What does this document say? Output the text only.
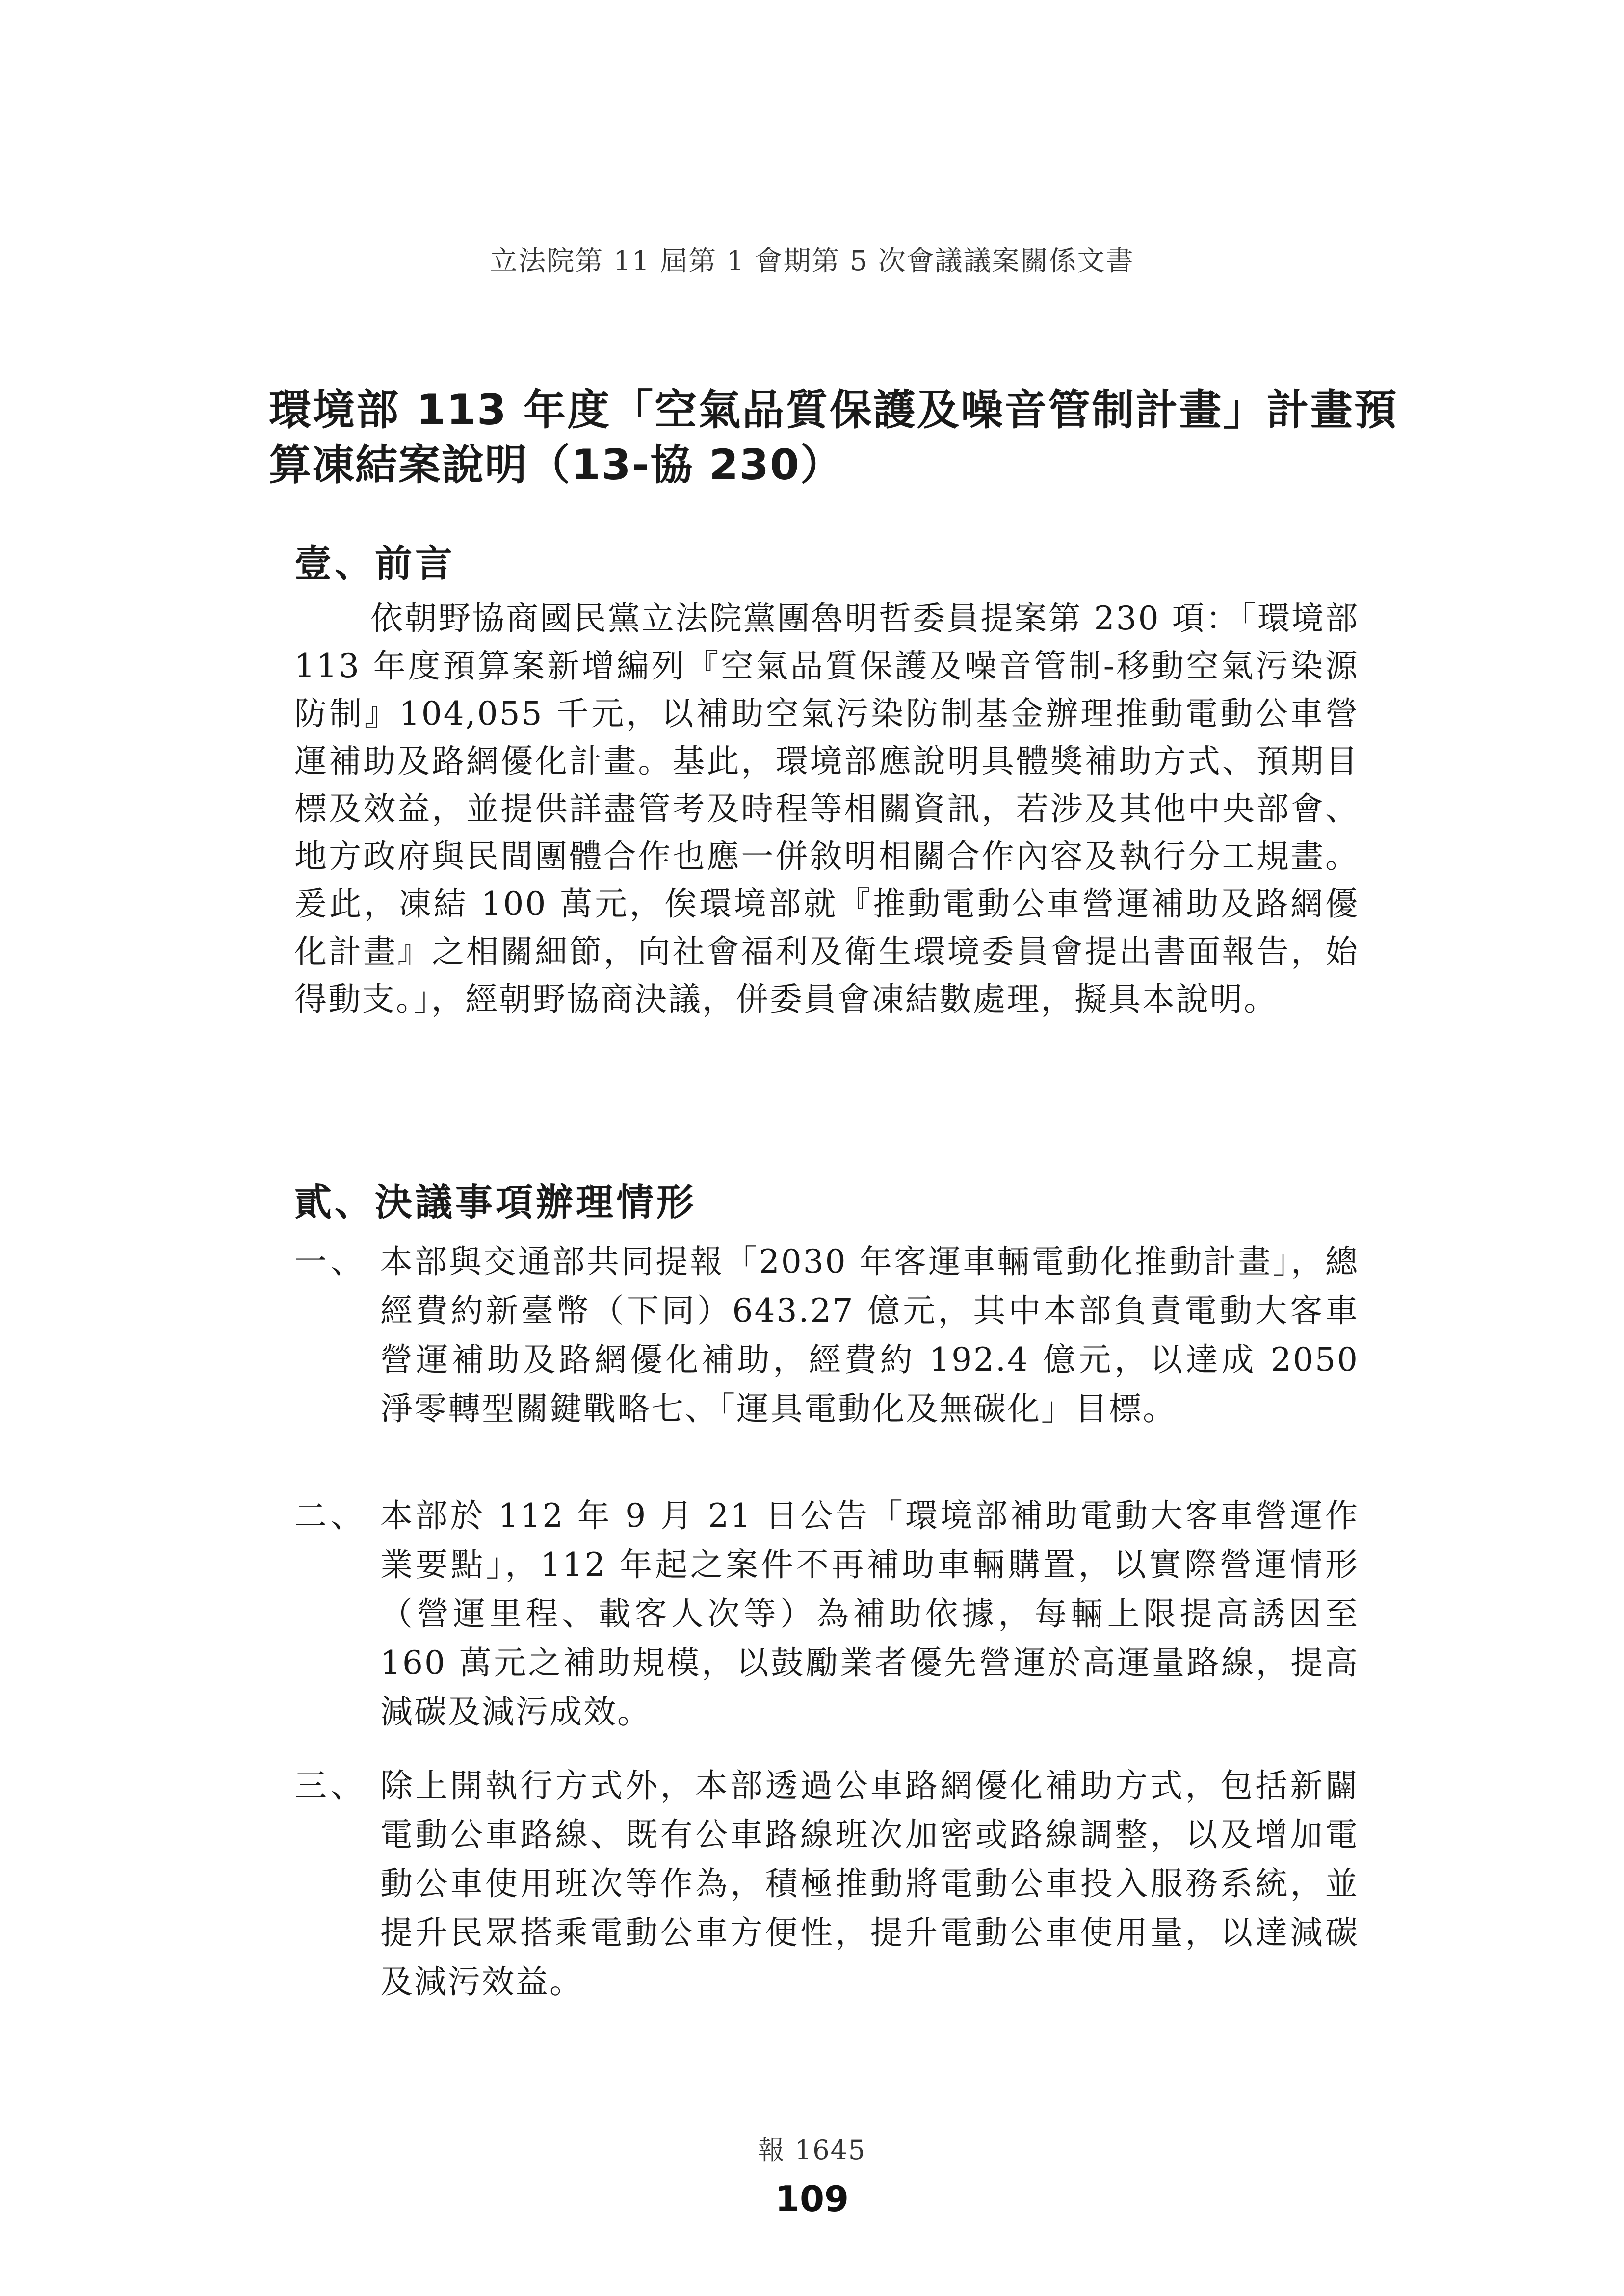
立法院第 11 屆第 1 會期第 5 次會議議案關係文書
環境部 113 年度「空氣品質保護及噪音管制計畫」計畫預算凍結案說明（13-協 230）
壹、前言

依朝野協商國民黨立法院黨團魯明哲委員提案第 230 項：「環境部 113 年度預算案新增編列『空氣品質保護及噪音管制-移動空氣污染源防制』104,055 千元，以補助空氣污染防制基金辦理推動電動公車營運補助及路網優化計畫。基此，環境部應說明具體獎補助方式、預期目標及效益，並提供詳盡管考及時程等相關資訊，若涉及其他中央部會、地方政府與民間團體合作也應一併敘明相關合作內容及執行分工規畫。爰此，凍結 100 萬元，俟環境部就『推動電動公車營運補助及路網優化計畫』之相關細節，向社會福利及衛生環境委員會提出書面報告，始得動支。」，經朝野協商決議，併委員會凍結數處理，擬具本說明。

貳、決議事項辦理情形
一、 本部與交通部共同提報「2030 年客運車輛電動化推動計畫」，總經費約新臺幣（下同）643.27 億元，其中本部負責電動大客車營運補助及路網優化補助，經費約 192.4 億元，以達成 2050 淨零轉型關鍵戰略七、「運具電動化及無碳化」目標。
二、 本部於 112 年 9 月 21 日公告「環境部補助電動大客車營運作業要點」，112 年起之案件不再補助車輛購置，以實際營運情形（營運里程、載客人次等）為補助依據，每輛上限提高誘因至 160 萬元之補助規模，以鼓勵業者優先營運於高運量路線，提高減碳及減污成效。
三、 除上開執行方式外，本部透過公車路網優化補助方式，包括新闢電動公車路線、既有公車路線班次加密或路線調整，以及增加電動公車使用班次等作為，積極推動將電動公車投入服務系統，並提升民眾搭乘電動公車方便性，提升電動公車使用量，以達減碳及減污效益。
報 1645
109
